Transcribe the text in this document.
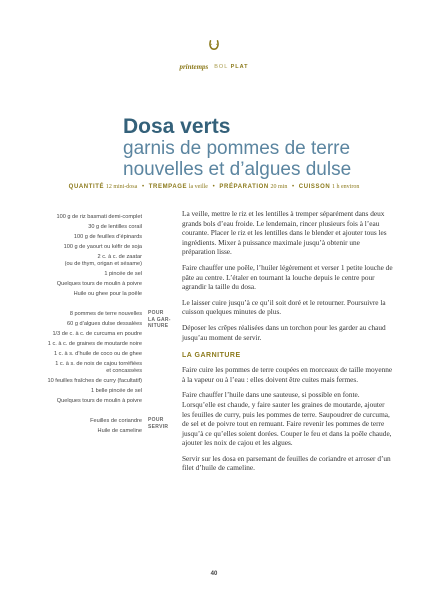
printemps BOL PLAT
Dosa verts

garnis de pommes de terre

nouvelles et d’algues dulse

QUANTITÉ 12 mini-dosa • TREMPAGE la veille • PRÉPARATION 20 min • CUISSON 1 h environ

100 g de riz basmati demi-complet

30 g de lentilles corail

100 g de feuilles d’épinards

100 g de yaourt ou kéfir de soja

2 c. à c. de zaatar
(ou de thym, origan et sésame)

1 pincée de sel

Quelques tours de moulin à poivre

Huile ou ghee pour la poêle

POUR
LA GAR-
NITURE

8 pommes de terre nouvelles

60 g d’algues dulse dessalées

1/3 de c. à c. de curcuma en poudre

1 c. à c. de graines de moutarde noire

1 c. à s. d’huile de coco ou de ghee

1 c. à s. de noix de cajou torréfiées
et concassées

10 feuilles fraîches de curry (facultatif)

1 belle pincée de sel

Quelques tours de moulin à poivre

POUR
SERVIR

Feuilles de coriandre

Huile de cameline

La veille, mettre le riz et les lentilles à tremper séparément dans deux grands bols d’eau froide. Le lendemain, rincer plusieurs fois à l’eau courante. Placer le riz et les lentilles dans le blender et ajouter tous les ingrédients. Mixer à puissance maximale jusqu’à obtenir une préparation lisse.

Faire chauffer une poêle, l’huiler légèrement et verser 1 petite louche de pâte au centre. L’étaler en tournant la louche depuis le centre pour agrandir la taille du dosa.

Le laisser cuire jusqu’à ce qu’il soit doré et le retourner. Poursuivre la cuisson quelques minutes de plus.

Déposer les crêpes réalisées dans un torchon pour les garder au chaud jusqu’au moment de servir.

LA GARNITURE

Faire cuire les pommes de terre coupées en morceaux de taille moyenne à la vapeur ou à l’eau : elles doivent être cuites mais fermes.

Faire chauffer l’huile dans une sauteuse, si possible en fonte. Lorsqu’elle est chaude, y faire sauter les graines de moutarde, ajouter les feuilles de curry, puis les pommes de terre. Saupoudrer de curcuma, de sel et de poivre tout en remuant. Faire revenir les pommes de terre jusqu’à ce qu’elles soient dorées. Couper le feu et dans la poêle chaude, ajouter les noix de cajou et les algues.

Servir sur les dosa en parsemant de feuilles de coriandre et arroser d’un filet d’huile de cameline.

40
